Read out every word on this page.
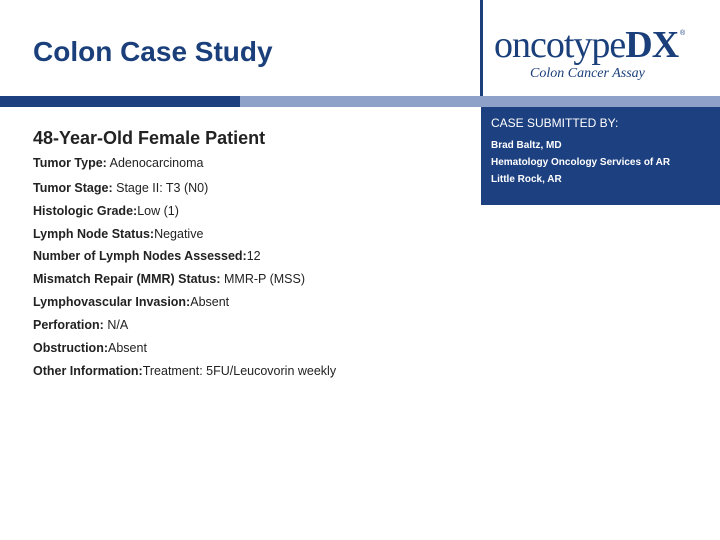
Colon Case Study	oncotypeDX ®
Colon Cancer Assay
CASE SUBMITTED BY:
Brad Baltz, MD
Hematology Oncology Services of AR
Little Rock, AR
48-Year-Old Female Patient
Tumor Type: Adenocarcinoma
Tumor Stage: Stage II: T3 (N0)
Histologic Grade:Low (1)
Lymph Node Status:Negative
Number of Lymph Nodes Assessed:12
Mismatch Repair (MMR) Status: MMR-P (MSS)
Lymphovascular Invasion:Absent
Perforation: N/A
Obstruction:Absent
Other Information:Treatment: 5FU/Leucovorin weekly
